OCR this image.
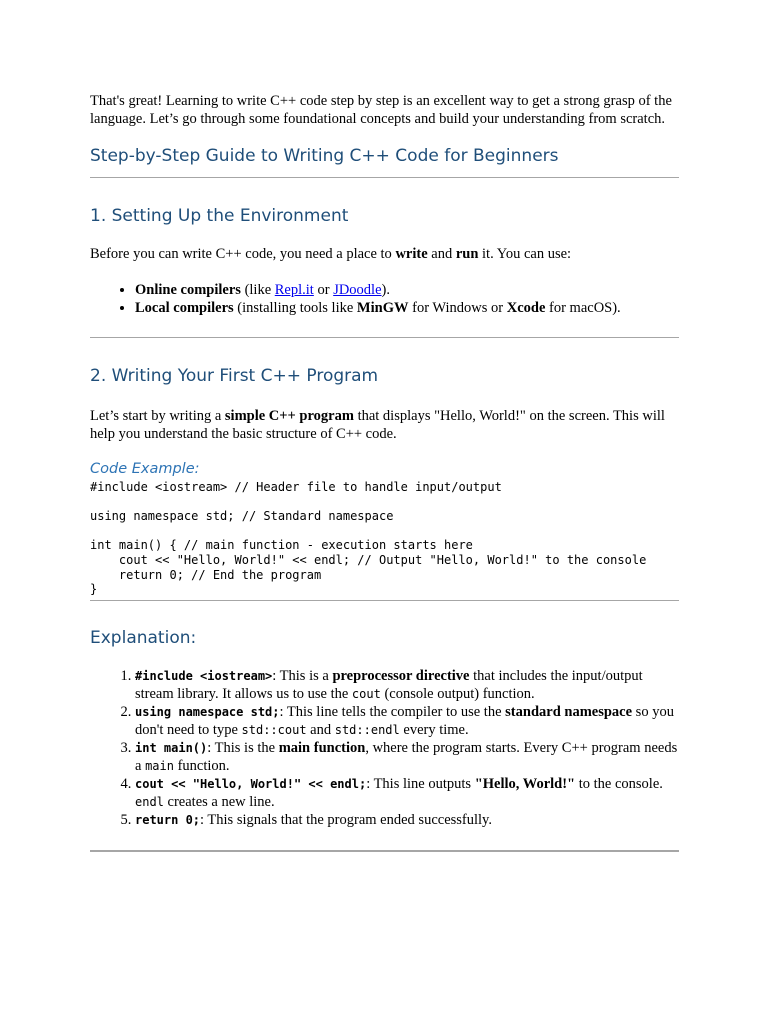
That's great! Learning to write C++ code step by step is an excellent way to get a strong grasp of the language. Let’s go through some foundational concepts and build your understanding from scratch.

Step-by-Step Guide to Writing C++ Code for Beginners
1. Setting Up the Environment

Before you can write C++ code, you need a place to write and run it. You can use:

• Online compilers (like Repl.it or JDoodle).
• Local compilers (installing tools like MinGW for Windows or Xcode for macOS).
2. Writing Your First C++ Program

Let’s start by writing a simple C++ program that displays "Hello, World!" on the screen. This will help you understand the basic structure of C++ code.

Code Example:
#include <iostream> // Header file to handle input/output

using namespace std; // Standard namespace

int main() { // main function - execution starts here
cout << "Hello, World!" << endl; // Output "Hello, World!" to the console
return 0; // End the program
}
Explanation:
1. #include <iostream>: This is a preprocessor directive that includes the input/output stream library. It allows us to use the cout (console output) function.
2. using namespace std;: This line tells the compiler to use the standard namespace so you don't need to type std::cout and std::endl every time.
3. int main(): This is the main function, where the program starts. Every C++ program needs a main function.
4. cout << "Hello, World!" << endl;: This line outputs "Hello, World!" to the console. endl creates a new line.
5. return 0;: This signals that the program ended successfully.
